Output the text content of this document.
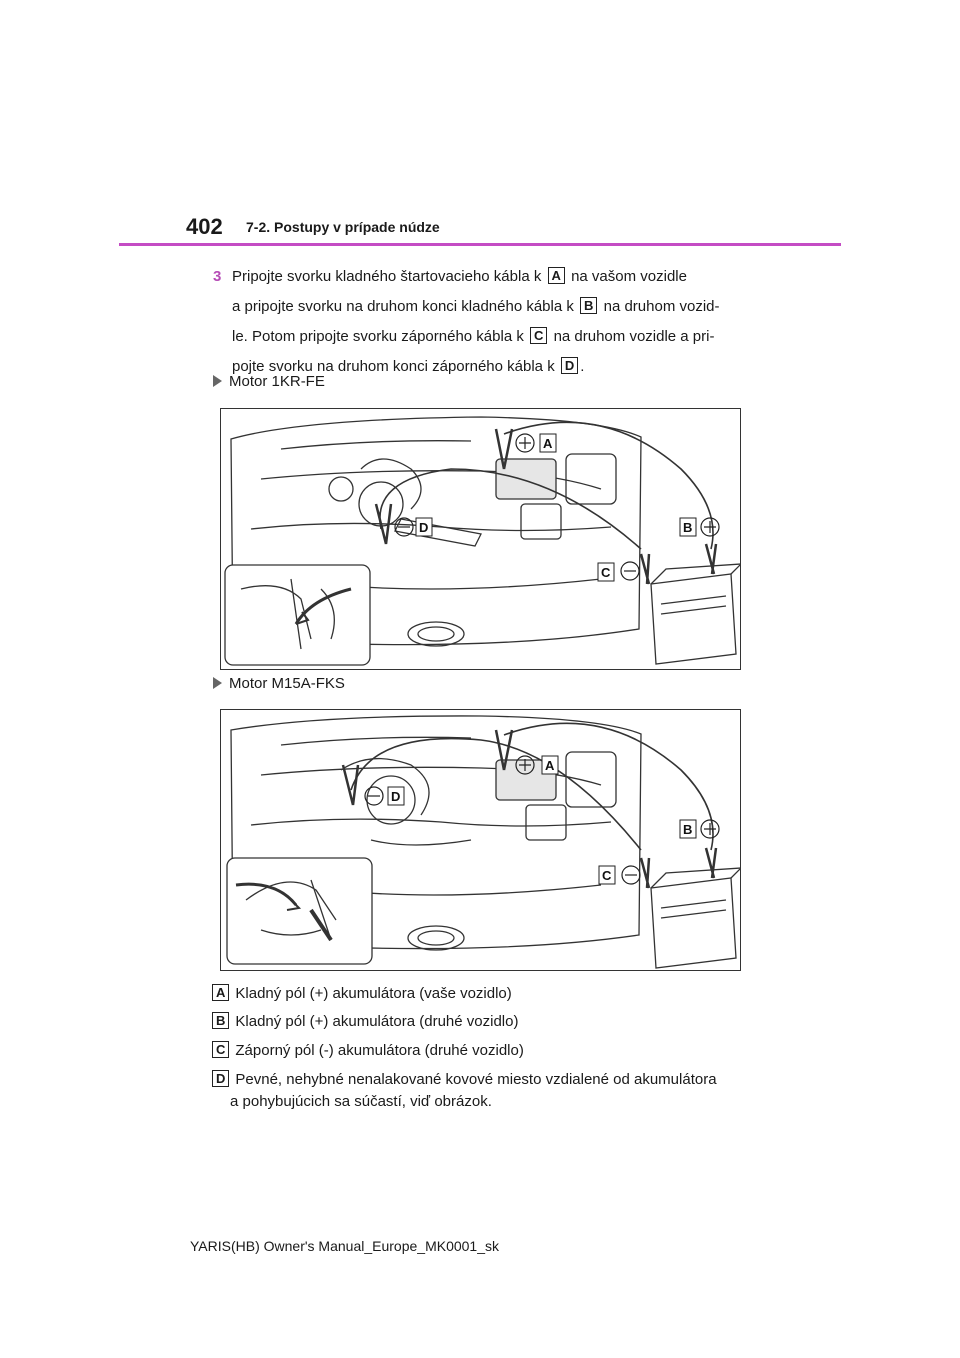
402 7-2. Postupy v prípade núdze
3 Pripojte svorku kladného štartovacieho kábla k A na vašom vozidle
a pripojte svorku na druhom konci kladného kábla k B na druhom vozid-
le. Potom pripojte svorku záporného kábla k C na druhom vozidle a pri-
pojte svorku na druhom konci záporného kábla k D .
Motor 1KR-FE
A
D	B
C
Motor M15A-FKS
A
D
B
C
A Kladný pól (+) akumulátora (vaše vozidlo)
B Kladný pól (+) akumulátora (druhé vozidlo)
C Záporný pól (-) akumulátora (druhé vozidlo)
D Pevné, nehybné nenalakované kovové miesto vzdialené od akumulátora
a pohybujúcich sa súčastí, viď obrázok.
YARIS(HB) Owner's Manual_Europe_MK0001_sk
